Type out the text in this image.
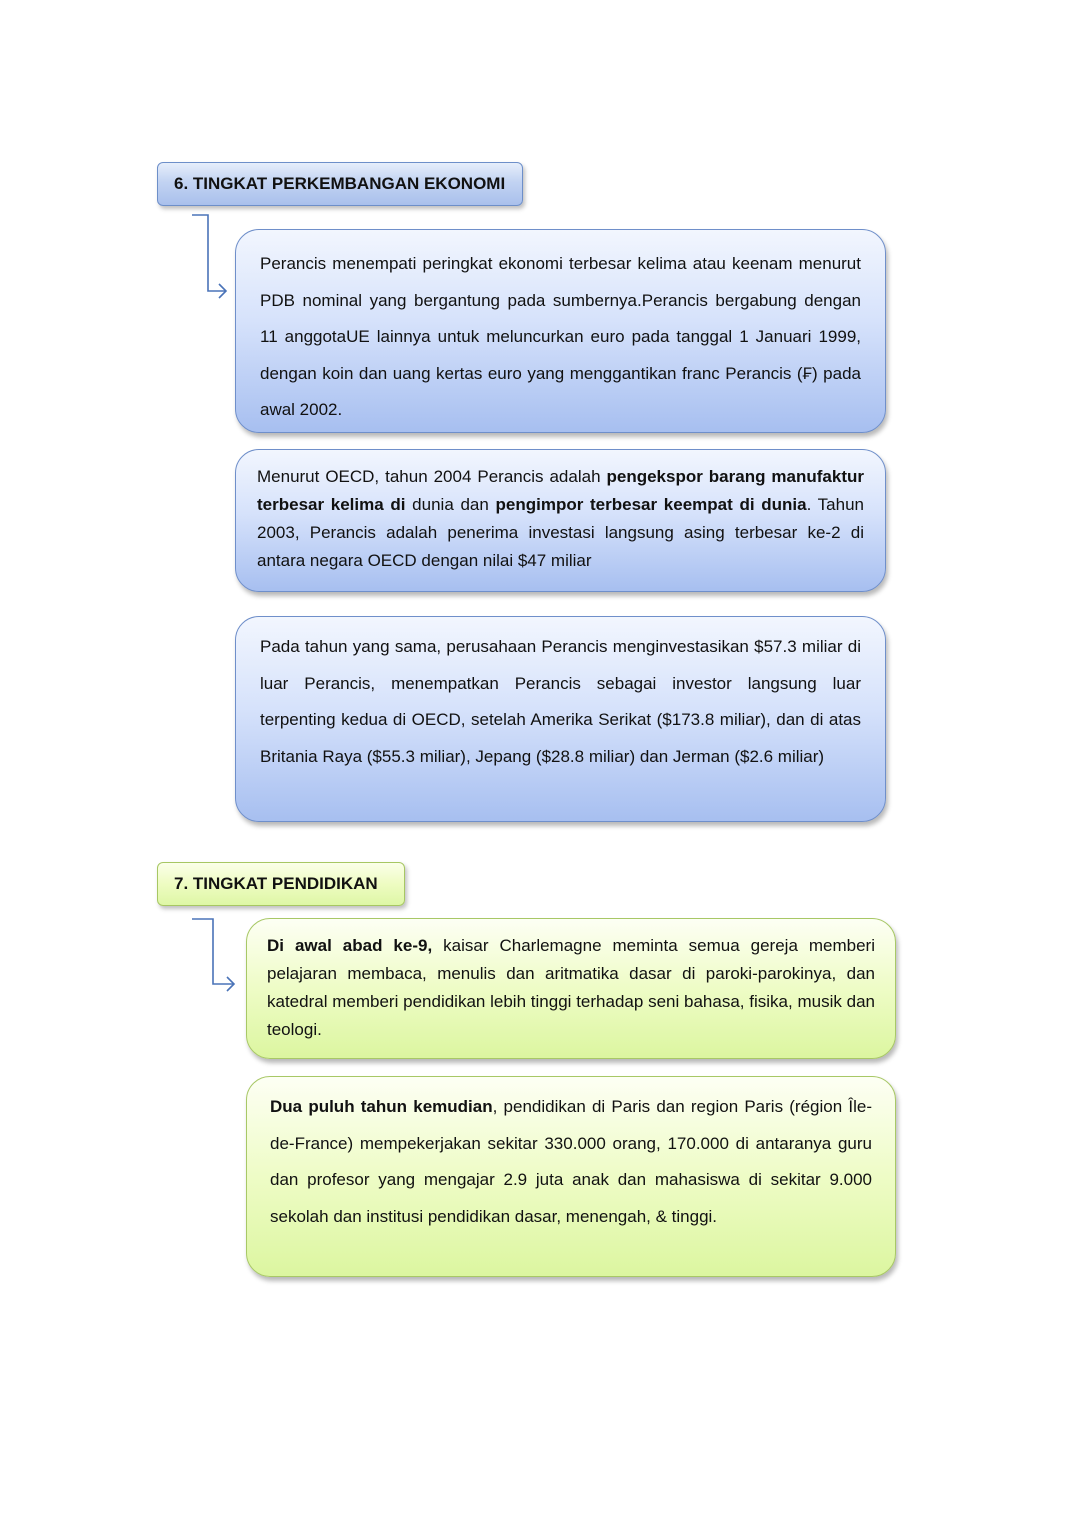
6. TINGKAT PERKEMBANGAN EKONOMI

Perancis menempati peringkat ekonomi terbesar kelima atau keenam menurut PDB nominal yang bergantung pada sumbernya.Perancis bergabung dengan 11 anggotaUE lainnya untuk meluncurkan euro pada tanggal 1 Januari 1999, dengan koin dan uang kertas euro yang menggantikan franc Perancis (₣) pada awal 2002.

Menurut OECD, tahun 2004 Perancis adalah pengekspor barang manufaktur terbesar kelima di dunia dan pengimpor terbesar keempat di dunia. Tahun 2003, Perancis adalah penerima investasi langsung asing terbesar ke-2 di antara negara OECD dengan nilai $47 miliar

Pada tahun yang sama, perusahaan Perancis menginvestasikan $57.3 miliar di luar Perancis, menempatkan Perancis sebagai investor langsung luar terpenting kedua di OECD, setelah Amerika Serikat ($173.8 miliar), dan di atas Britania Raya ($55.3 miliar), Jepang ($28.8 miliar) dan Jerman ($2.6 miliar)

7. TINGKAT PENDIDIKAN

Di awal abad ke-9, kaisar Charlemagne meminta semua gereja memberi pelajaran membaca, menulis dan aritmatika dasar di paroki-parokinya, dan katedral memberi pendidikan lebih tinggi terhadap seni bahasa, fisika, musik dan teologi.

Dua puluh tahun kemudian, pendidikan di Paris dan region Paris (région Île-de-France) mempekerjakan sekitar 330.000 orang, 170.000 di antaranya guru dan profesor yang mengajar 2.9 juta anak dan mahasiswa di sekitar 9.000 sekolah dan institusi pendidikan dasar, menengah, & tinggi.
